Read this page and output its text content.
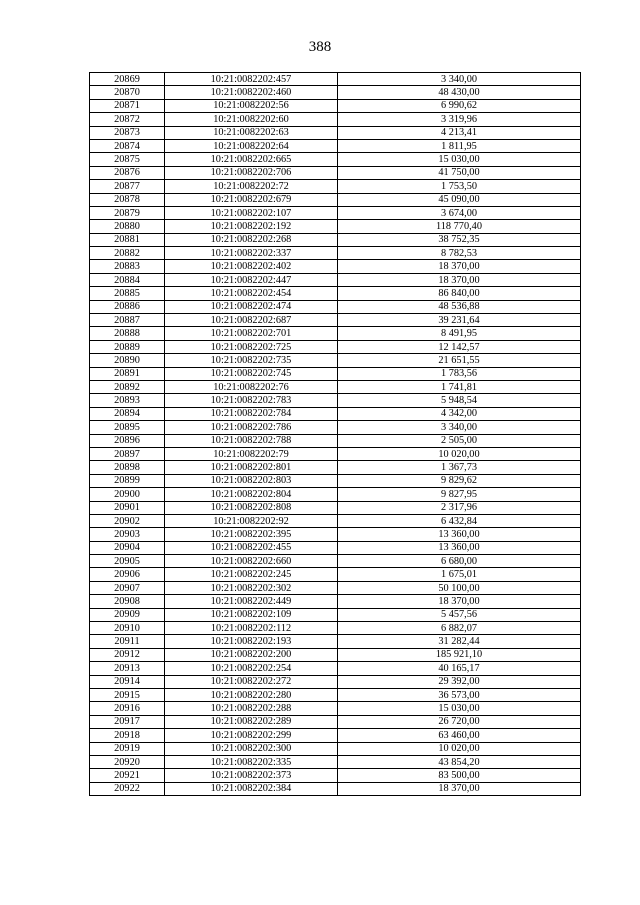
388
20869	10:21:0082202:457	3 340,00
20870	10:21:0082202:460	48 430,00
20871	10:21:0082202:56	6 990,62
20872	10:21:0082202:60	3 319,96
20873	10:21:0082202:63	4 213,41
20874	10:21:0082202:64	1 811,95
20875	10:21:0082202:665	15 030,00
20876	10:21:0082202:706	41 750,00
20877	10:21:0082202:72	1 753,50
20878	10:21:0082202:679	45 090,00
20879	10:21:0082202:107	3 674,00
20880	10:21:0082202:192	118 770,40
20881	10:21:0082202:268	38 752,35
20882	10:21:0082202:337	8 782,53
20883	10:21:0082202:402	18 370,00
20884	10:21:0082202:447	18 370,00
20885	10:21:0082202:454	86 840,00
20886	10:21:0082202:474	48 536,88
20887	10:21:0082202:687	39 231,64
20888	10:21:0082202:701	8 491,95
20889	10:21:0082202:725	12 142,57
20890	10:21:0082202:735	21 651,55
20891	10:21:0082202:745	1 783,56
20892	10:21:0082202:76	1 741,81
20893	10:21:0082202:783	5 948,54
20894	10:21:0082202:784	4 342,00
20895	10:21:0082202:786	3 340,00
20896	10:21:0082202:788	2 505,00
20897	10:21:0082202:79	10 020,00
20898	10:21:0082202:801	1 367,73
20899	10:21:0082202:803	9 829,62
20900	10:21:0082202:804	9 827,95
20901	10:21:0082202:808	2 317,96
20902	10:21:0082202:92	6 432,84
20903	10:21:0082202:395	13 360,00
20904	10:21:0082202:455	13 360,00
20905	10:21:0082202:660	6 680,00
20906	10:21:0082202:245	1 675,01
20907	10:21:0082202:302	50 100,00
20908	10:21:0082202:449	18 370,00
20909	10:21:0082202:109	5 457,56
20910	10:21:0082202:112	6 882,07
20911	10:21:0082202:193	31 282,44
20912	10:21:0082202:200	185 921,10
20913	10:21:0082202:254	40 165,17
20914	10:21:0082202:272	29 392,00
20915	10:21:0082202:280	36 573,00
20916	10:21:0082202:288	15 030,00
20917	10:21:0082202:289	26 720,00
20918	10:21:0082202:299	63 460,00
20919	10:21:0082202:300	10 020,00
20920	10:21:0082202:335	43 854,20
20921	10:21:0082202:373	83 500,00
20922	10:21:0082202:384	18 370,00
